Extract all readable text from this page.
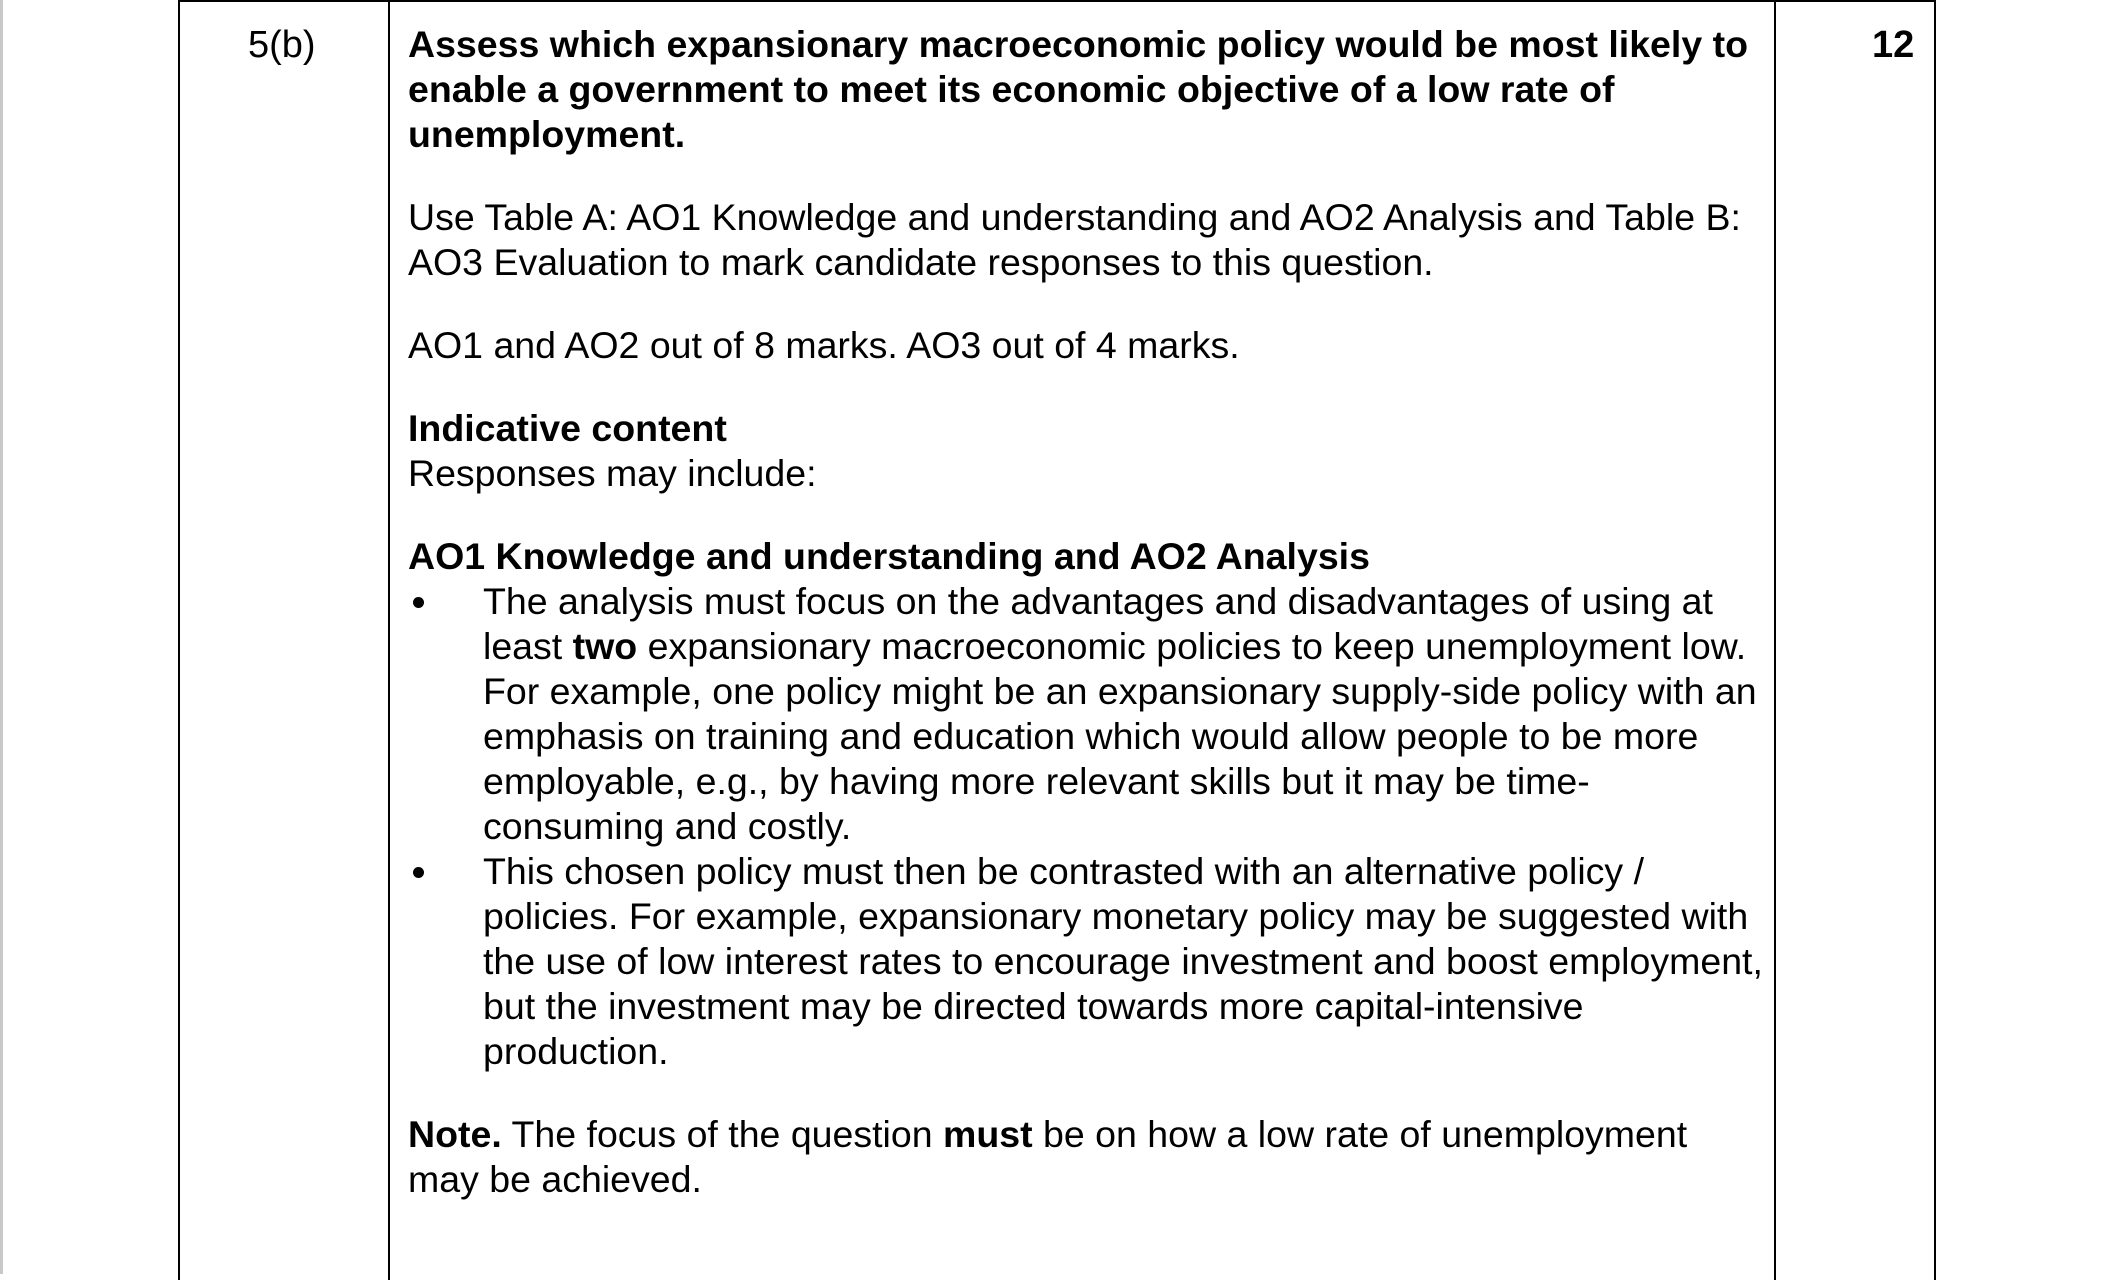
5(b)	12

Assess which expansionary macroeconomic policy would be most likely to enable a government to meet its economic objective of a low rate of unemployment.

Use Table A: AO1 Knowledge and understanding and AO2 Analysis and Table B: AO3 Evaluation to mark candidate responses to this question.

AO1 and AO2 out of 8 marks. AO3 out of 4 marks.

Indicative content

Responses may include:

AO1 Knowledge and understanding and AO2 Analysis

The analysis must focus on the advantages and disadvantages of using at least two expansionary macroeconomic policies to keep unemployment low. For example, one policy might be an expansionary supply-side policy with an emphasis on training and education which would allow people to be more employable, e.g., by having more relevant skills but it may be time-consuming and costly.
This chosen policy must then be contrasted with an alternative policy / policies. For example, expansionary monetary policy may be suggested with the use of low interest rates to encourage investment and boost employment, but the investment may be directed towards more capital-intensive production.

Note. The focus of the question must be on how a low rate of unemployment may be achieved.
